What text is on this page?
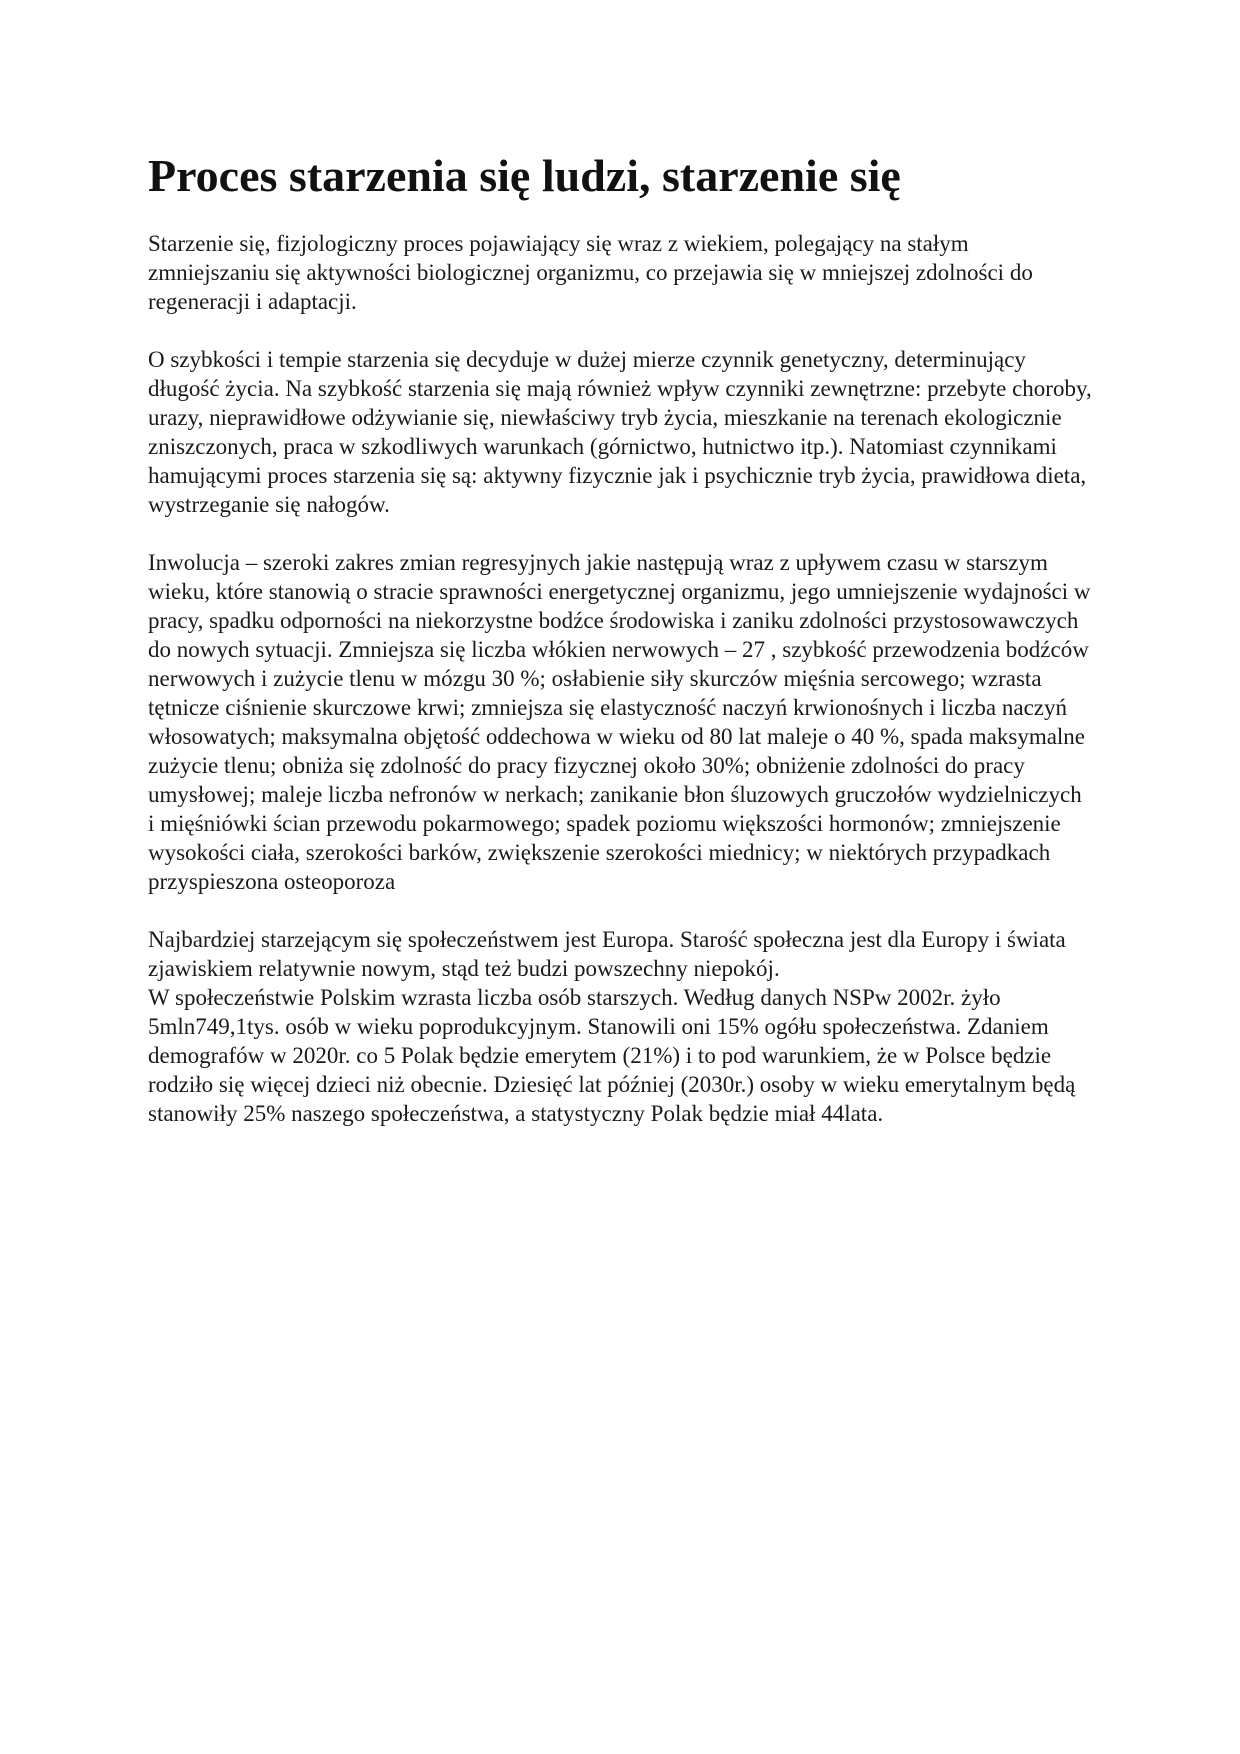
Proces starzenia się ludzi, starzenie się

Starzenie się, fizjologiczny proces pojawiający się wraz z wiekiem, polegający na stałym zmniejszaniu się aktywności biologicznej organizmu, co przejawia się w mniejszej zdolności do regeneracji i adaptacji.

O szybkości i tempie starzenia się decyduje w dużej mierze czynnik genetyczny, determinujący długość życia. Na szybkość starzenia się mają również wpływ czynniki zewnętrzne: przebyte choroby, urazy, nieprawidłowe odżywianie się, niewłaściwy tryb życia, mieszkanie na terenach ekologicznie zniszczonych, praca w szkodliwych warunkach (górnictwo, hutnictwo itp.). Natomiast czynnikami hamującymi proces starzenia się są: aktywny fizycznie jak i psychicznie tryb życia, prawidłowa dieta, wystrzeganie się nałogów.

Inwolucja – szeroki zakres zmian regresyjnych jakie następują wraz z upływem czasu w starszym wieku, które stanowią o stracie sprawności energetycznej organizmu, jego umniejszenie wydajności w pracy, spadku odporności na niekorzystne bodźce środowiska i zaniku zdolności przystosowawczych do nowych sytuacji. Zmniejsza się liczba włókien nerwowych – 27 , szybkość przewodzenia bodźców nerwowych i zużycie tlenu w mózgu 30 %; osłabienie siły skurczów mięśnia sercowego; wzrasta tętnicze ciśnienie skurczowe krwi; zmniejsza się elastyczność naczyń krwionośnych i liczba naczyń włosowatych; maksymalna objętość oddechowa w wieku od 80 lat maleje o 40 %, spada maksymalne zużycie tlenu; obniża się zdolność do pracy fizycznej około 30%; obniżenie zdolności do pracy umysłowej; maleje liczba nefronów w nerkach; zanikanie błon śluzowych gruczołów wydzielniczych i mięśniówki ścian przewodu pokarmowego; spadek poziomu większości hormonów; zmniejszenie wysokości ciała, szerokości barków, zwiększenie szerokości miednicy; w niektórych przypadkach przyspieszona osteoporoza

Najbardziej starzejącym się społeczeństwem jest Europa. Starość społeczna jest dla Europy i świata zjawiskiem relatywnie nowym, stąd też budzi powszechny niepokój.

W społeczeństwie Polskim wzrasta liczba osób starszych. Według danych NSPw 2002r. żyło 5mln749,1tys. osób w wieku poprodukcyjnym. Stanowili oni 15% ogółu społeczeństwa. Zdaniem demografów w 2020r. co 5 Polak będzie emerytem (21%) i to pod warunkiem, że w Polsce będzie rodziło się więcej dzieci niż obecnie. Dziesięć lat później (2030r.) osoby w wieku emerytalnym będą stanowiły 25% naszego społeczeństwa, a statystyczny Polak będzie miał 44lata.
